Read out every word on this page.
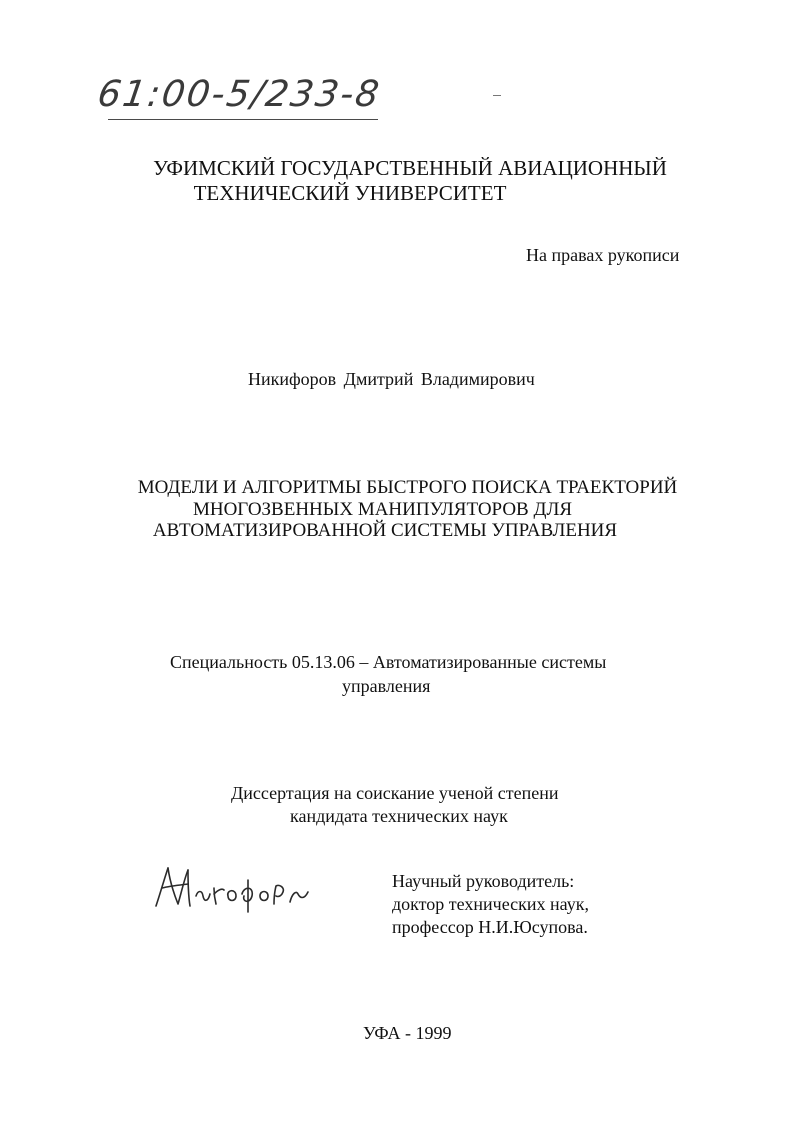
61:00-5/233-8
УФИМСКИЙ ГОСУДАРСТВЕННЫЙ АВИАЦИОННЫЙ
ТЕХНИЧЕСКИЙ УНИВЕРСИТЕТ
На правах рукописи
Никифоров Дмитрий Владимирович
МОДЕЛИ И АЛГОРИТМЫ БЫСТРОГО ПОИСКА ТРАЕКТОРИЙ
МНОГОЗВЕННЫХ МАНИПУЛЯТОРОВ ДЛЯ
АВТОМАТИЗИРОВАННОЙ СИСТЕМЫ УПРАВЛЕНИЯ
Специальность 05.13.06 – Автоматизированные системы
управления
Диссертация на соискание ученой степени
кандидата технических наук
Научный руководитель:
доктор технических наук,
профессор Н.И.Юсупова.
УФА - 1999
